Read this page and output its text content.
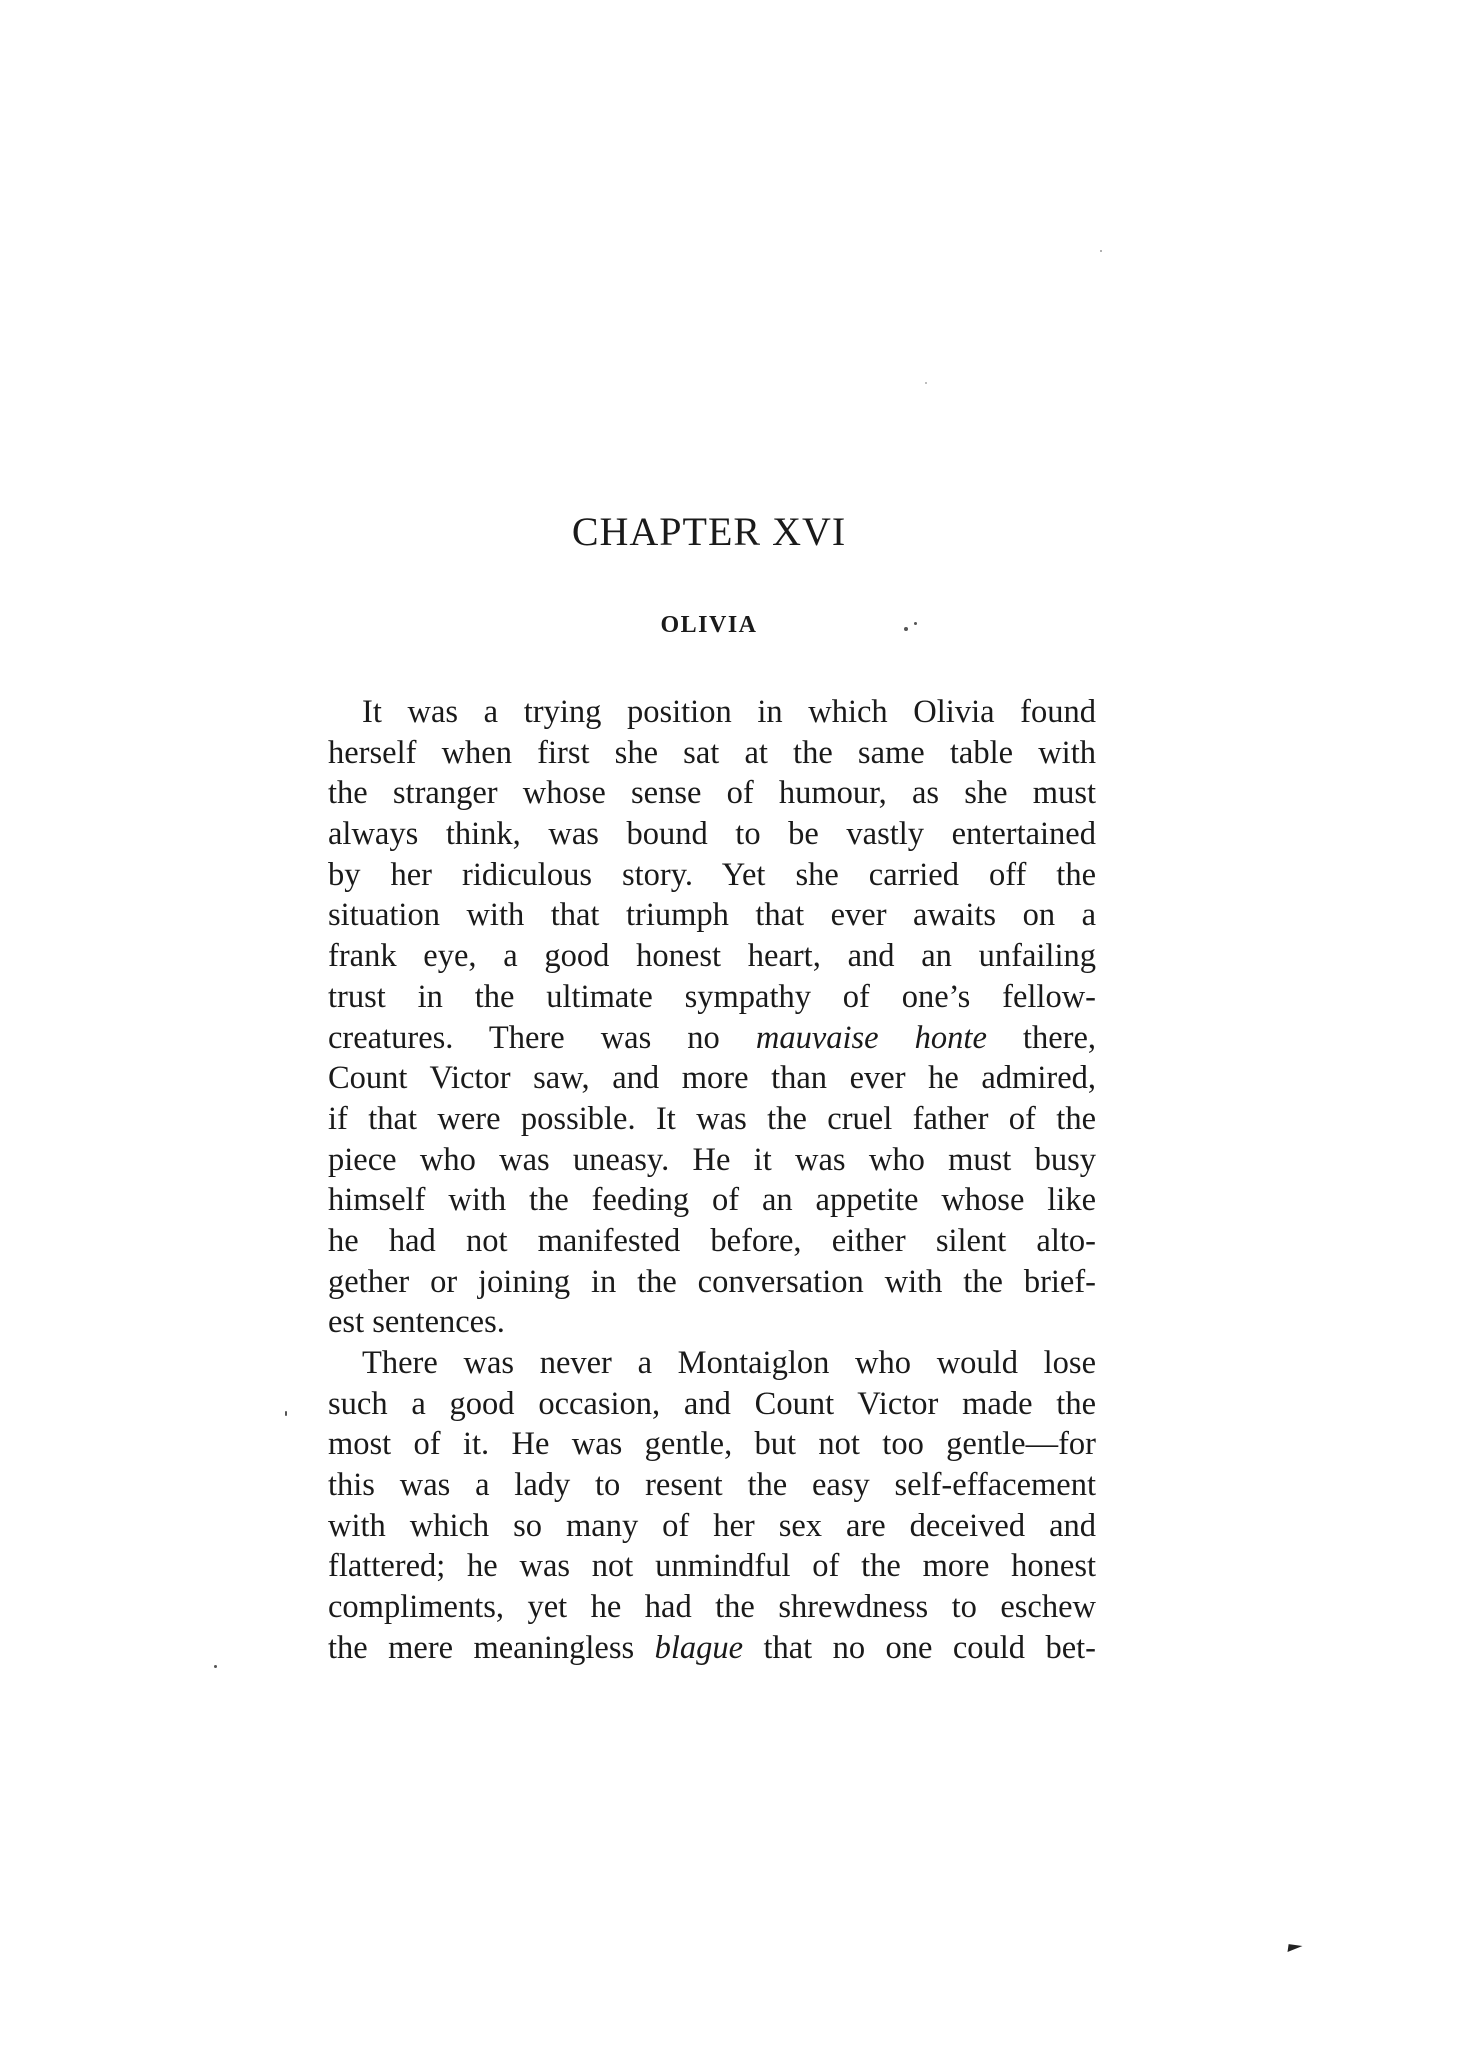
CHAPTER XVI
OLIVIA
It was a trying position in which Olivia found
herself when first she sat at the same table with
the stranger whose sense of humour, as she must
always think, was bound to be vastly entertained
by her ridiculous story. Yet she carried off the
situation with that triumph that ever awaits on a
frank eye, a good honest heart, and an unfailing
trust in the ultimate sympathy of one’s fellow-
creatures. There was no mauvaise honte there,
Count Victor saw, and more than ever he admired,
if that were possible. It was the cruel father of the
piece who was uneasy. He it was who must busy
himself with the feeding of an appetite whose like
he had not manifested before, either silent alto-
gether or joining in the conversation with the brief-
est sentences.
There was never a Montaiglon who would lose
such a good occasion, and Count Victor made the
most of it. He was gentle, but not too gentle—for
this was a lady to resent the easy self-effacement
with which so many of her sex are deceived and
flattered; he was not unmindful of the more honest
compliments, yet he had the shrewdness to eschew
the mere meaningless blague that no one could bet-
